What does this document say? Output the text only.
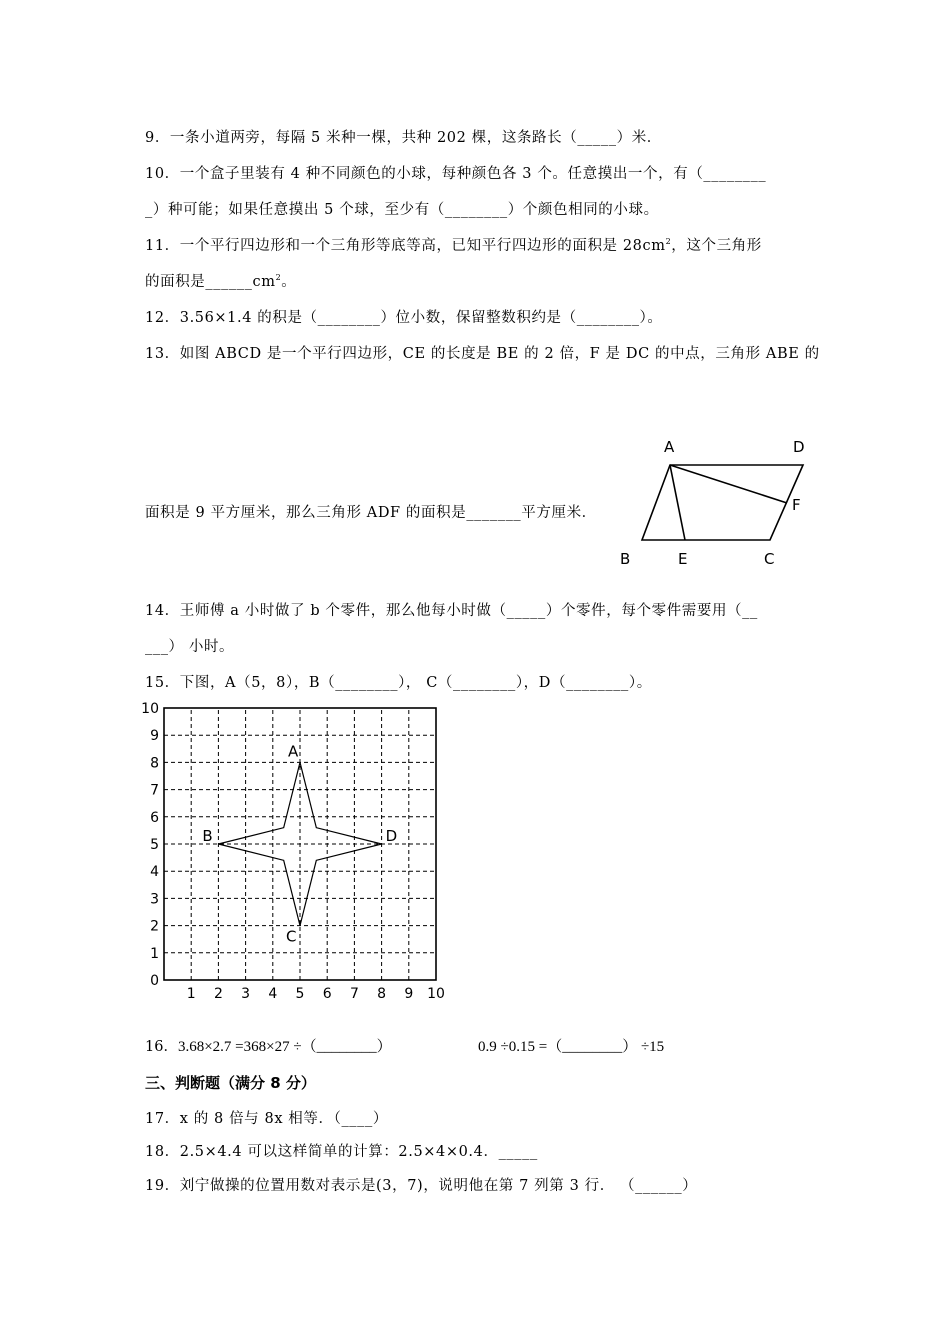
9．一条小道两旁，每隔 5 米种一棵，共种 202 棵，这条路长（_____）米．
10．一个盒子里装有 4 种不同颜色的小球，每种颜色各 3 个。任意摸出一个，有（________
_）种可能；如果任意摸出 5 个球，至少有（________）个颜色相同的小球。
11．一个平行四边形和一个三角形等底等高，已知平行四边形的面积是 $28cm^2$，这个三角形
的面积是$\_\_\_\_\_\_cm^2$。
12．3.56×1.4 的积是（________）位小数，保留整数积约是（________）。
13．如图 ABCD 是一个平行四边形，CE 的长度是 BE 的 2 倍，F 是 DC 的中点，三角形 ABE 的
面积是 9 平方厘米，那么三角形 ADF 的面积是_______平方厘米．
A	D
F
B	E	C
14．王师傅 a 小时做了 b 个零件，那么他每小时做（_____）个零件，每个零件需要用（__
___） 小时。
15．下图，A（5，8），B（________）， C（________），D（________）。
1 2 3 4 5 6 7 8 9 10
0
1
2
3
4
5
6
7
8
9
10
A
B
C
D
16．3.68×2.7 =368×27 ÷（________）	0.9 ÷0.15 =（________） ÷15
三、判断题（满分 8 分）
17．x 的 8 倍与 8x 相等．（____）
18．2.5×4.4 可以这样简单的计算：2.5×4×0.4．_____
19．刘宁做操的位置用数对表示是(3，7)，说明他在第 7 列第 3 行． （______）
